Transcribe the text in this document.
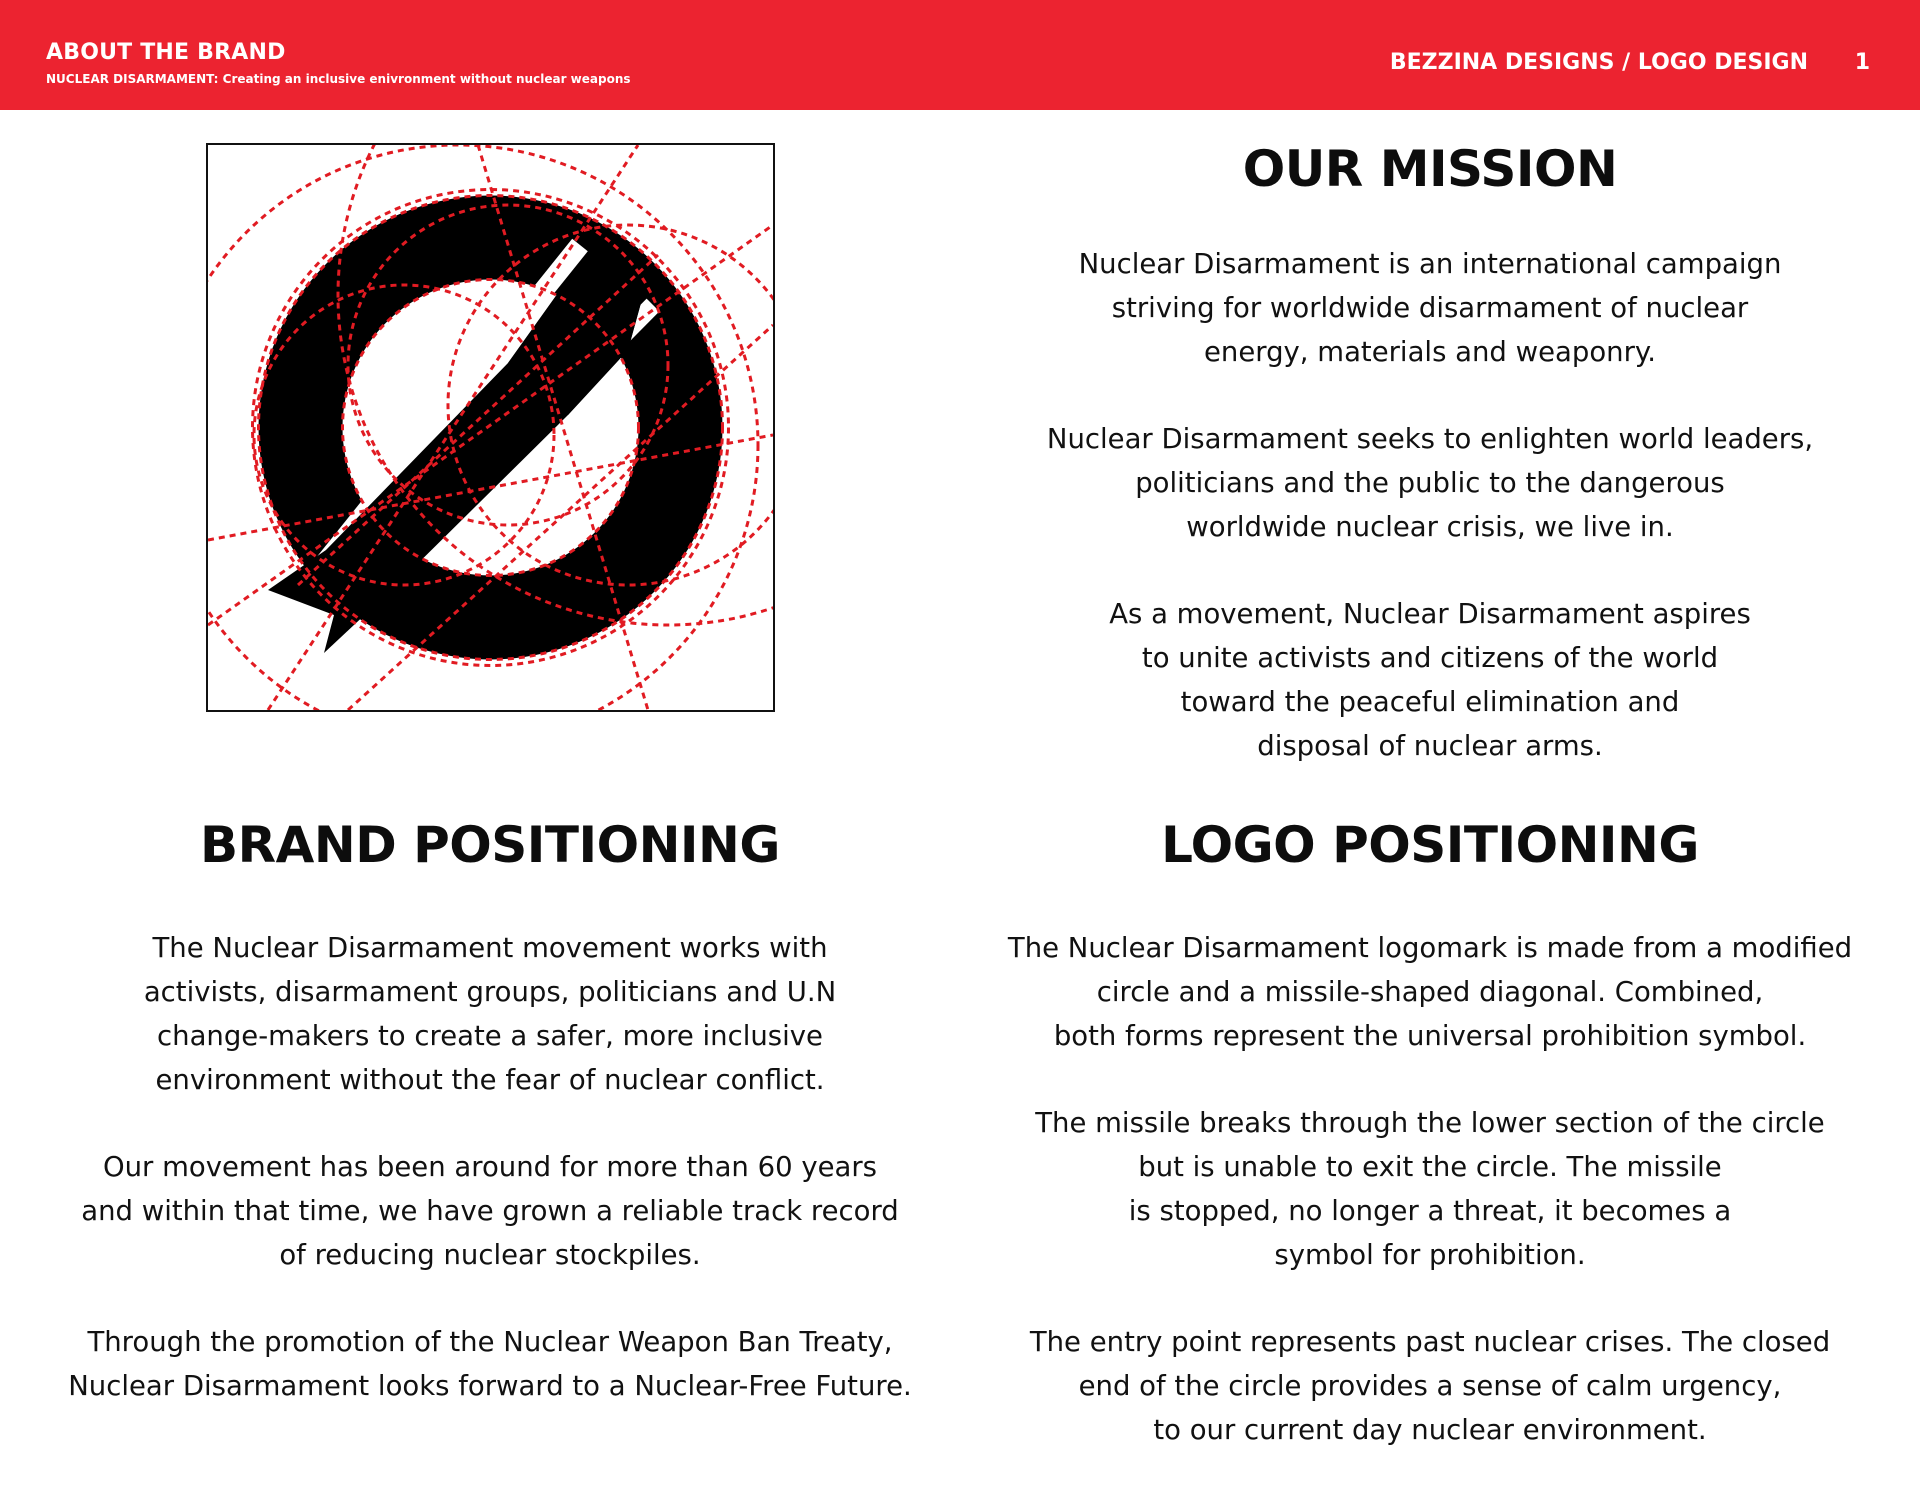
ABOUT THE BRAND
NUCLEAR DISARMAMENT: Creating an inclusive enivronment without nuclear weapons
BEZZINA DESIGNS / LOGO DESIGN 1
OUR MISSION

Nuclear Disarmament is an international campaign
striving for worldwide disarmament of nuclear
energy, materials and weaponry.

Nuclear Disarmament seeks to enlighten world leaders,
politicians and the public to the dangerous
worldwide nuclear crisis, we live in.

As a movement, Nuclear Disarmament aspires
to unite activists and citizens of the world
toward the peaceful elimination and
disposal of nuclear arms.

BRAND POSITIONING

The Nuclear Disarmament movement works with
activists, disarmament groups, politicians and U.N
change-makers to create a safer, more inclusive
environment without the fear of nuclear conflict.

Our movement has been around for more than 60 years
and within that time, we have grown a reliable track record
of reducing nuclear stockpiles.

Through the promotion of the Nuclear Weapon Ban Treaty,
Nuclear Disarmament looks forward to a Nuclear-Free Future.

LOGO POSITIONING

The Nuclear Disarmament logomark is made from a modified
circle and a missile-shaped diagonal. Combined,
both forms represent the universal prohibition symbol.

The missile breaks through the lower section of the circle
but is unable to exit the circle. The missile
is stopped, no longer a threat, it becomes a
symbol for prohibition.

The entry point represents past nuclear crises. The closed
end of the circle provides a sense of calm urgency,
to our current day nuclear environment.
